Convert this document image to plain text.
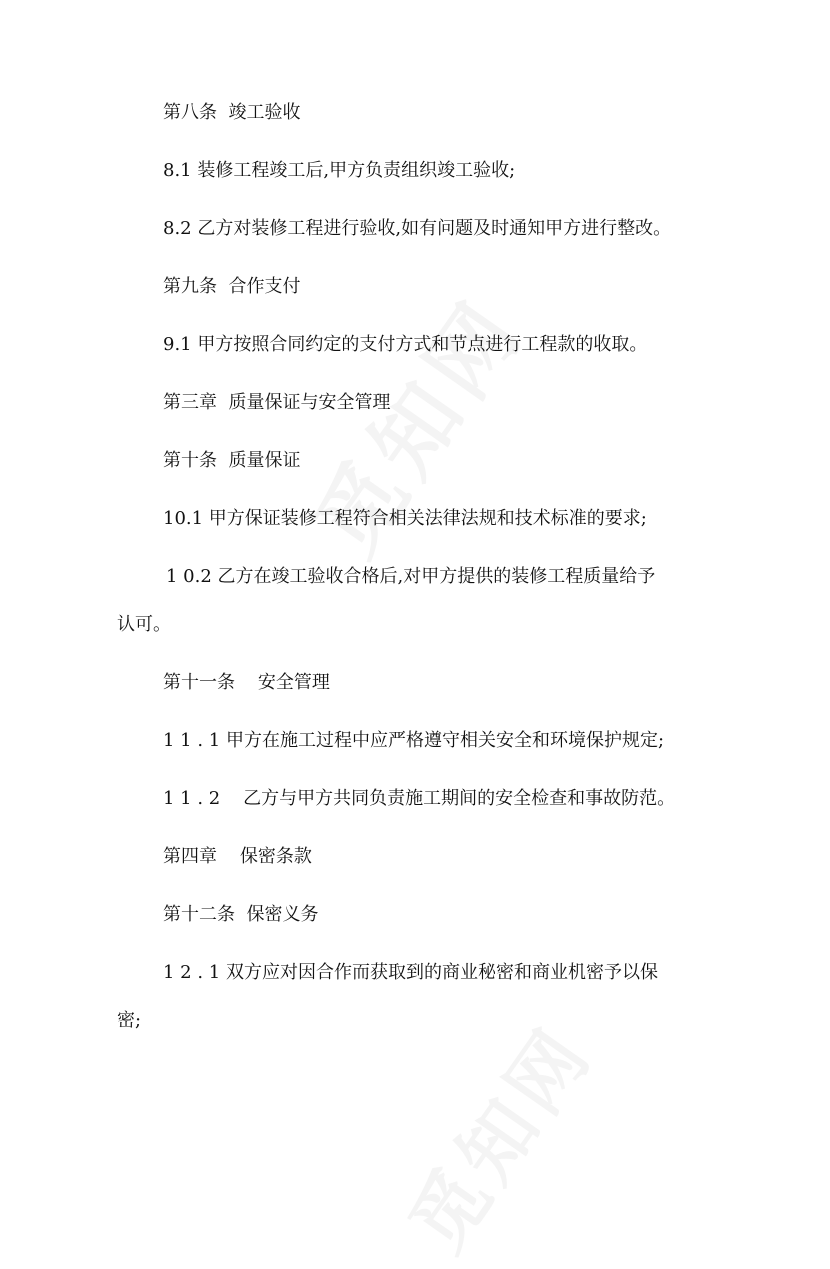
第八条  竣工验收
8.1 装修工程竣工后,甲方负责组织竣工验收;
8.2 乙方对装修工程进行验收,如有问题及时通知甲方进行整改。
第九条  合作支付
9.1 甲方按照合同约定的支付方式和节点进行工程款的收取。
第三章  质量保证与安全管理
第十条  质量保证
10.1 甲方保证装修工程符合相关法律法规和技术标准的要求;
1 0.2 乙方在竣工验收合格后,对甲方提供的装修工程质量给予
认可。
第十一条    安全管理
1 1 . 1 甲方在施工过程中应严格遵守相关安全和环境保护规定;
1 1 . 2    乙方与甲方共同负责施工期间的安全检查和事故防范。
第四章    保密条款
第十二条  保密义务
1 2 . 1 双方应对因合作而获取到的商业秘密和商业机密予以保
密;
